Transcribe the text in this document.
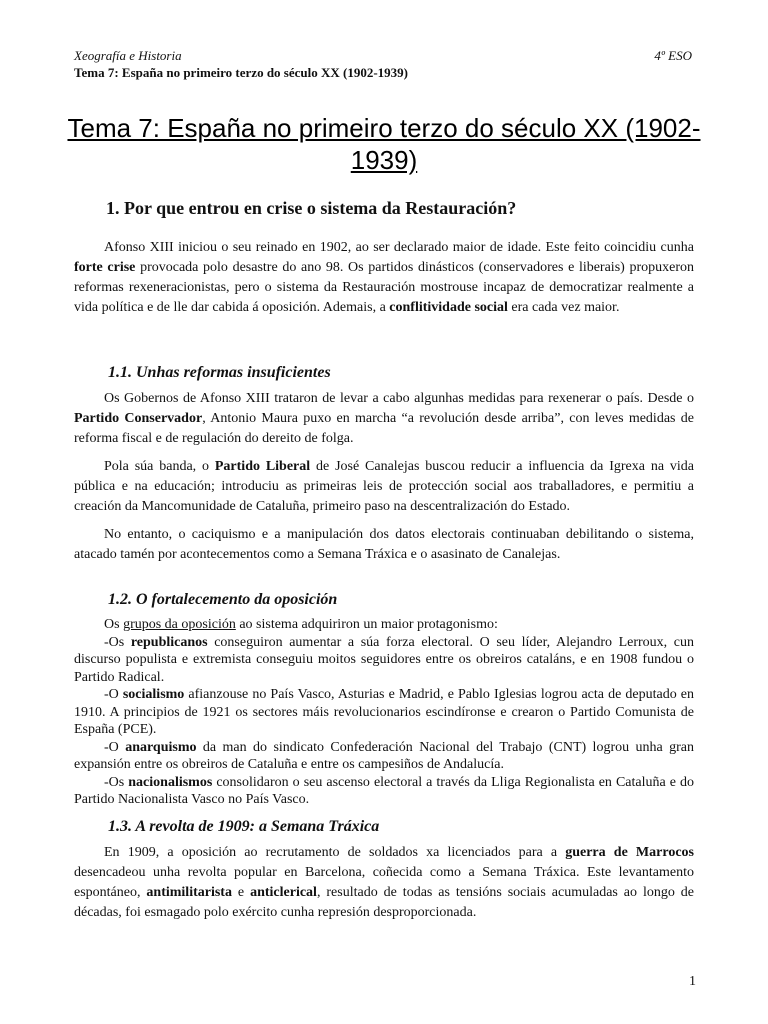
Xeografía e Historia	4º ESO
Tema 7: España no primeiro terzo do século XX (1902-1939)
Tema 7: España no primeiro terzo do século XX (1902-1939)
1. Por que entrou en crise o sistema da Restauración?

Afonso XIII iniciou o seu reinado en 1902, ao ser declarado maior de idade. Este feito coincidiu cunha forte crise provocada polo desastre do ano 98. Os partidos dinásticos (conservadores e liberais) propuxeron reformas rexeneracionistas, pero o sistema da Restauración mostrouse incapaz de democratizar realmente a vida política e de lle dar cabida á oposición. Ademais, a conflitividade social era cada vez maior.

1.1. Unhas reformas insuficientes

Os Gobernos de Afonso XIII trataron de levar a cabo algunhas medidas para rexenerar o país. Desde o Partido Conservador, Antonio Maura puxo en marcha “a revolución desde arriba”, con leves medidas de reforma fiscal e de regulación do dereito de folga.

Pola súa banda, o Partido Liberal de José Canalejas buscou reducir a influencia da Igrexa na vida pública e na educación; introduciu as primeiras leis de protección social aos traballadores, e permitiu a creación da Mancomunidade de Cataluña, primeiro paso na descentralización do Estado.

No entanto, o caciquismo e a manipulación dos datos electorais continuaban debilitando o sistema, atacado tamén por acontecementos como a Semana Tráxica e o asasinato de Canalejas.

1.2. O fortalecemento da oposición

Os grupos da oposición ao sistema adquiriron un maior protagonismo:

-Os republicanos conseguiron aumentar a súa forza electoral. O seu líder, Alejandro Lerroux, cun discurso populista e extremista conseguiu moitos seguidores entre os obreiros cataláns, e en 1908 fundou o Partido Radical.

-O socialismo afianzouse no País Vasco, Asturias e Madrid, e Pablo Iglesias logrou acta de deputado en 1910. A principios de 1921 os sectores máis revolucionarios escindíronse e crearon o Partido Comunista de España (PCE).

-O anarquismo da man do sindicato Confederación Nacional del Trabajo (CNT) logrou unha gran expansión entre os obreiros de Cataluña e entre os campesiños de Andalucía.

-Os nacionalismos consolidaron o seu ascenso electoral a través da Lliga Regionalista en Cataluña e do Partido Nacionalista Vasco no País Vasco.

1.3. A revolta de 1909: a Semana Tráxica

En 1909, a oposición ao recrutamento de soldados xa licenciados para a guerra de Marrocos desencadeou unha revolta popular en Barcelona, coñecida como a Semana Tráxica. Este levantamento espontáneo, antimilitarista e anticlerical, resultado de todas as tensións sociais acumuladas ao longo de décadas, foi esmagado polo exército cunha represión desproporcionada.

1
